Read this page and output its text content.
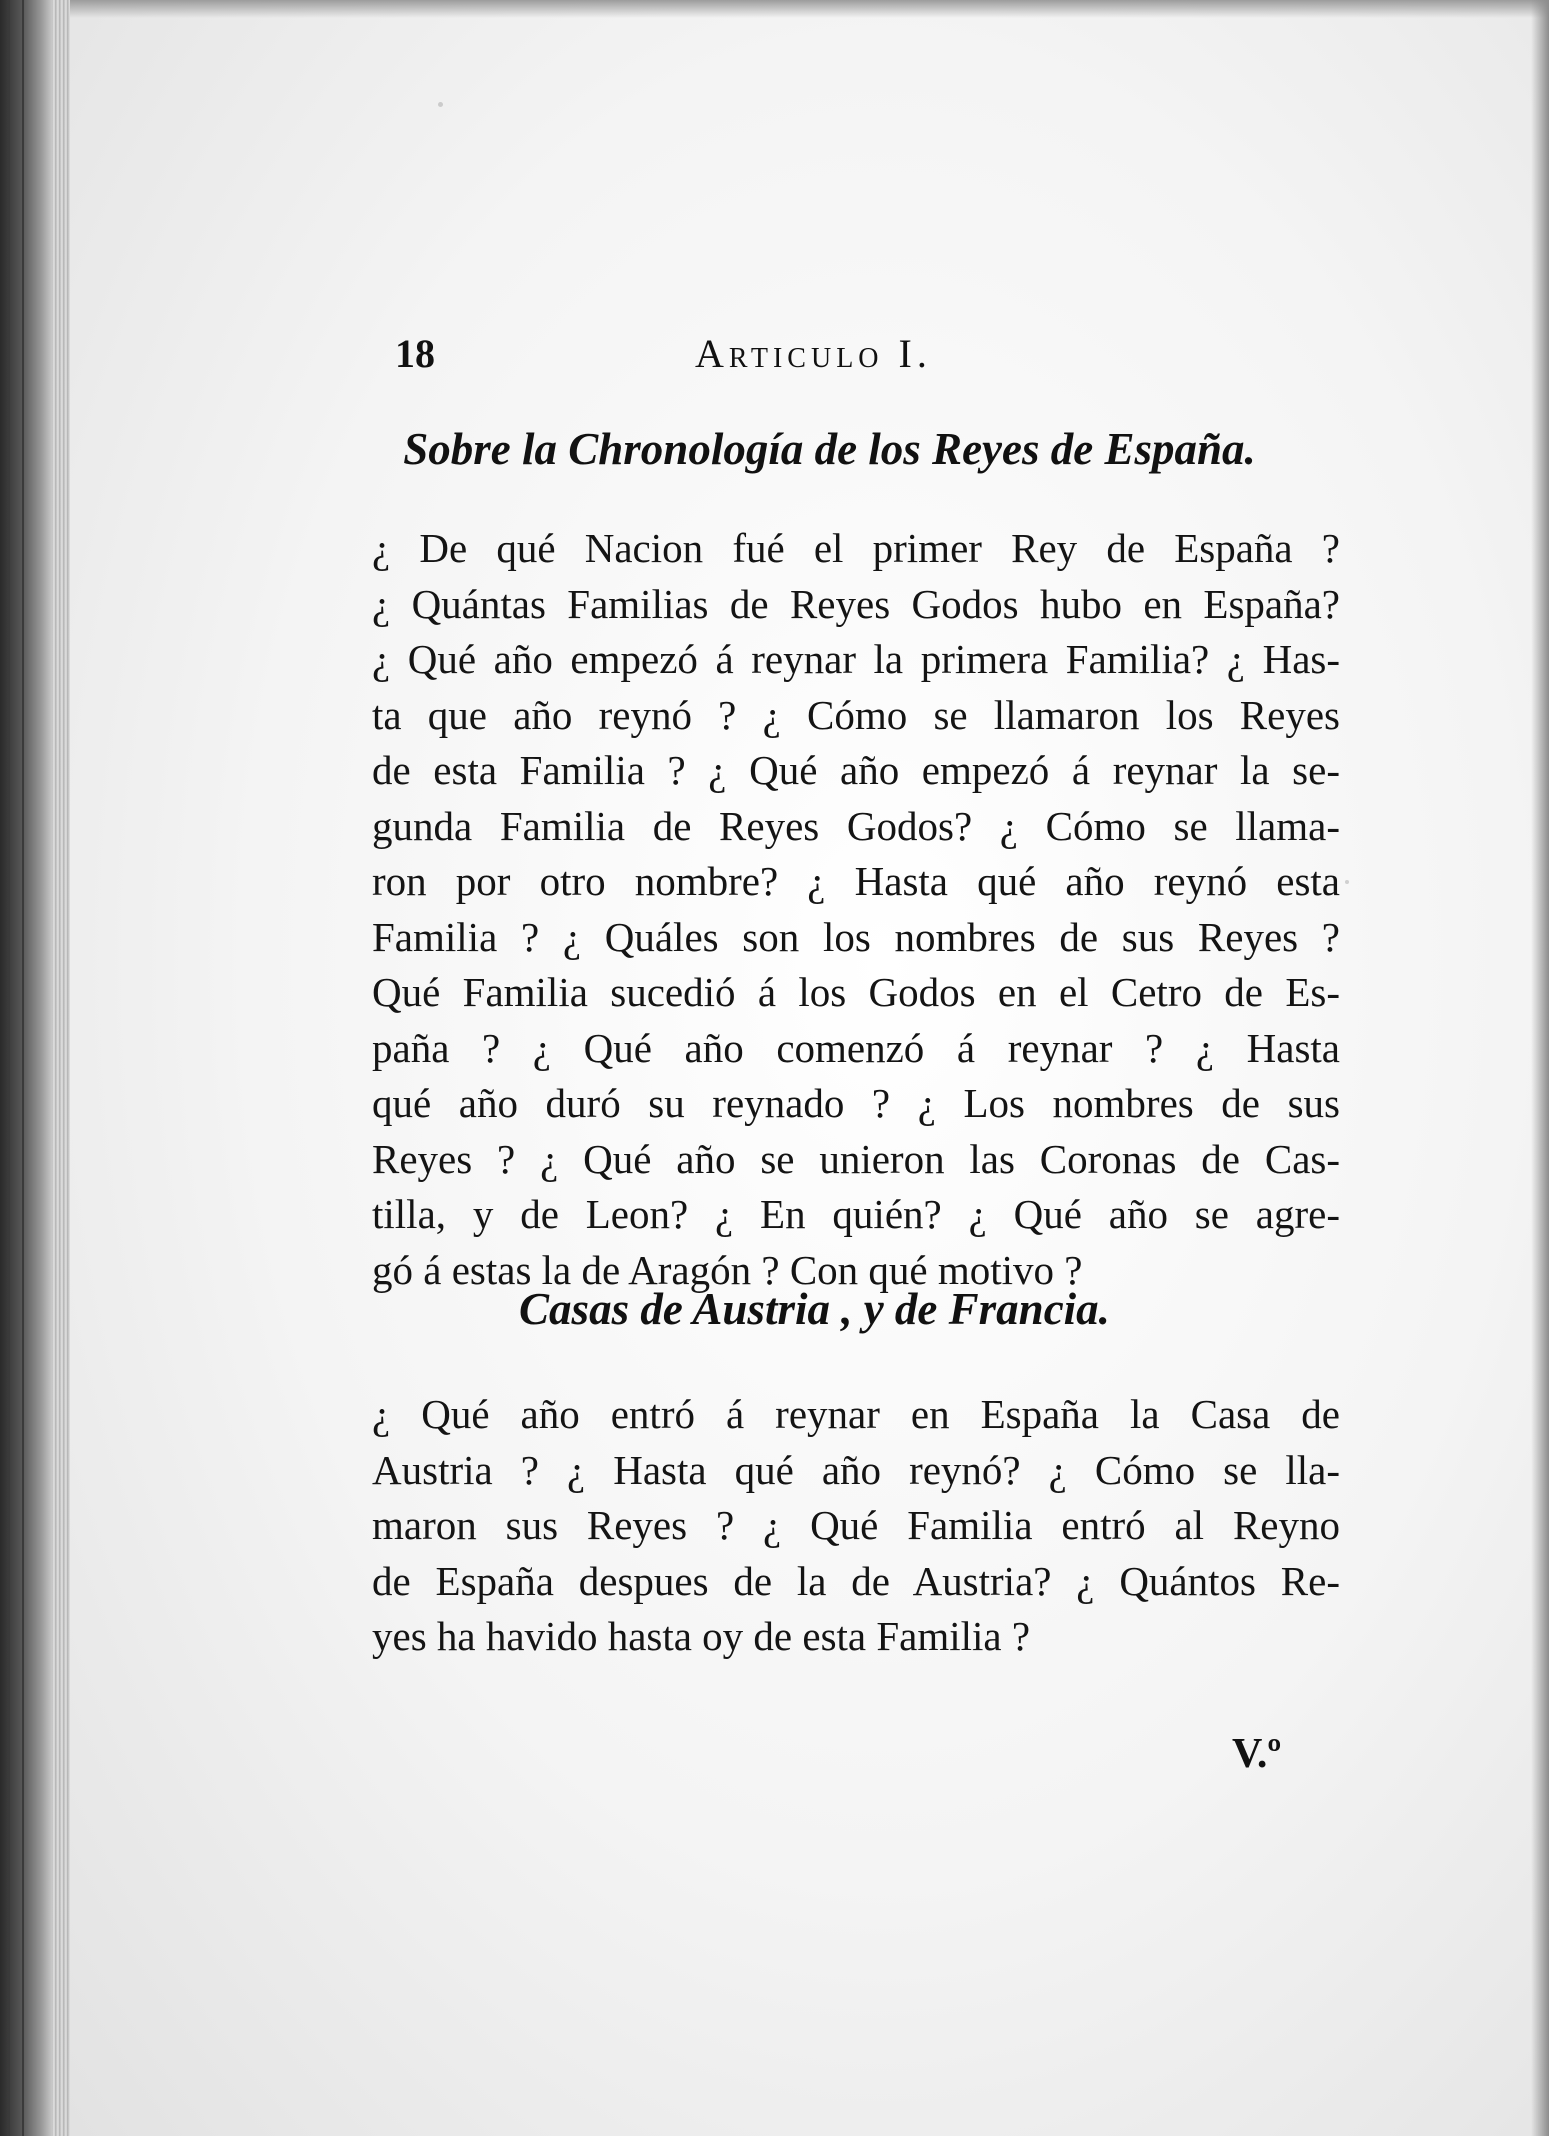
18	Articulo I.
Sobre la Chronología de los Reyes de España.

¿ De qué Nacion fué el primer Rey de España ?
¿ Quántas Familias de Reyes Godos hubo en España?
¿ Qué año empezó á reynar la primera Familia? ¿ Has-
ta que año reynó ? ¿ Cómo se llamaron los Reyes
de esta Familia ? ¿ Qué año empezó á reynar la se-
gunda Familia de Reyes Godos? ¿ Cómo se llama-
ron por otro nombre? ¿ Hasta qué año reynó esta
Familia ? ¿ Quáles son los nombres de sus Reyes ?
Qué Familia sucedió á los Godos en el Cetro de Es-
paña ? ¿ Qué año comenzó á reynar ? ¿ Hasta
qué año duró su reynado ? ¿ Los nombres de sus
Reyes ? ¿ Qué año se unieron las Coronas de Cas-
tilla, y de Leon? ¿ En quién? ¿ Qué año se agre-
gó á estas la de Aragón ? Con qué motivo ?

Casas de Austria , y de Francia.

¿ Qué año entró á reynar en España la Casa de
Austria ? ¿ Hasta qué año reynó? ¿ Cómo se lla-
maron sus Reyes ? ¿ Qué Familia entró al Reyno
de España despues de la de Austria? ¿ Quántos Re-
yes ha havido hasta oy de esta Familia ?

V.º
